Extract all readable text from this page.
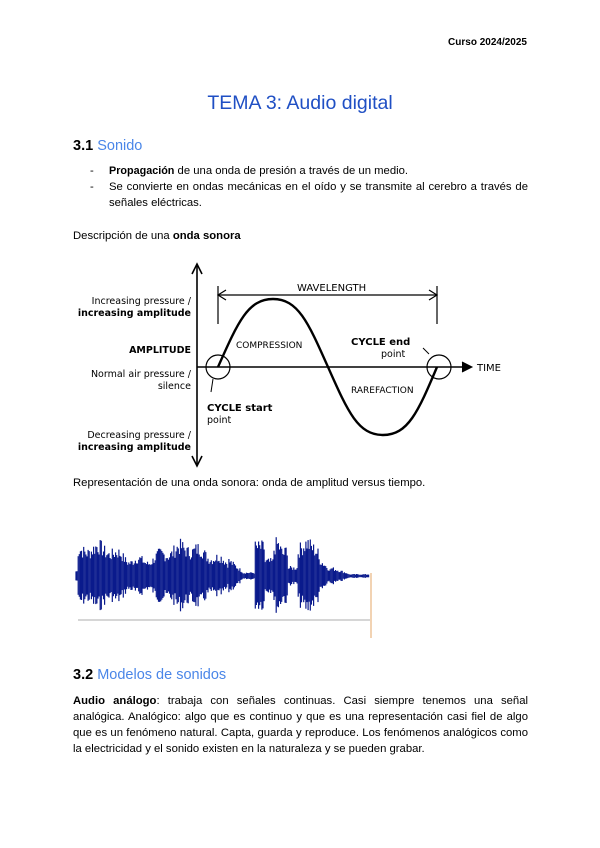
Curso 2024/2025
TEMA 3: Audio digital
3.1 Sonido
- Propagación de una onda de presión a través de un medio.
- Se convierte en ondas mecánicas en el oído y se transmite al cerebro a través de señales eléctricas.
Descripción de una onda sonora
Increasing pressure /
increasing amplitude
AMPLITUDE
Normal air pressure /
silence
Decreasing pressure /
increasing amplitude
WAVELENGTH
COMPRESSION
RAREFACTION
CYCLE end
point
CYCLE start
point
TIME
Representación de una onda sonora: onda de amplitud versus tiempo.
3.2 Modelos de sonidos
Audio análogo: trabaja con señales continuas. Casi siempre tenemos una señal analógica. Analógico: algo que es continuo y que es una representación casi fiel de algo que es un fenómeno natural. Capta, guarda y reproduce. Los fenómenos analógicos como la electricidad y el sonido existen en la naturaleza y se pueden grabar.
